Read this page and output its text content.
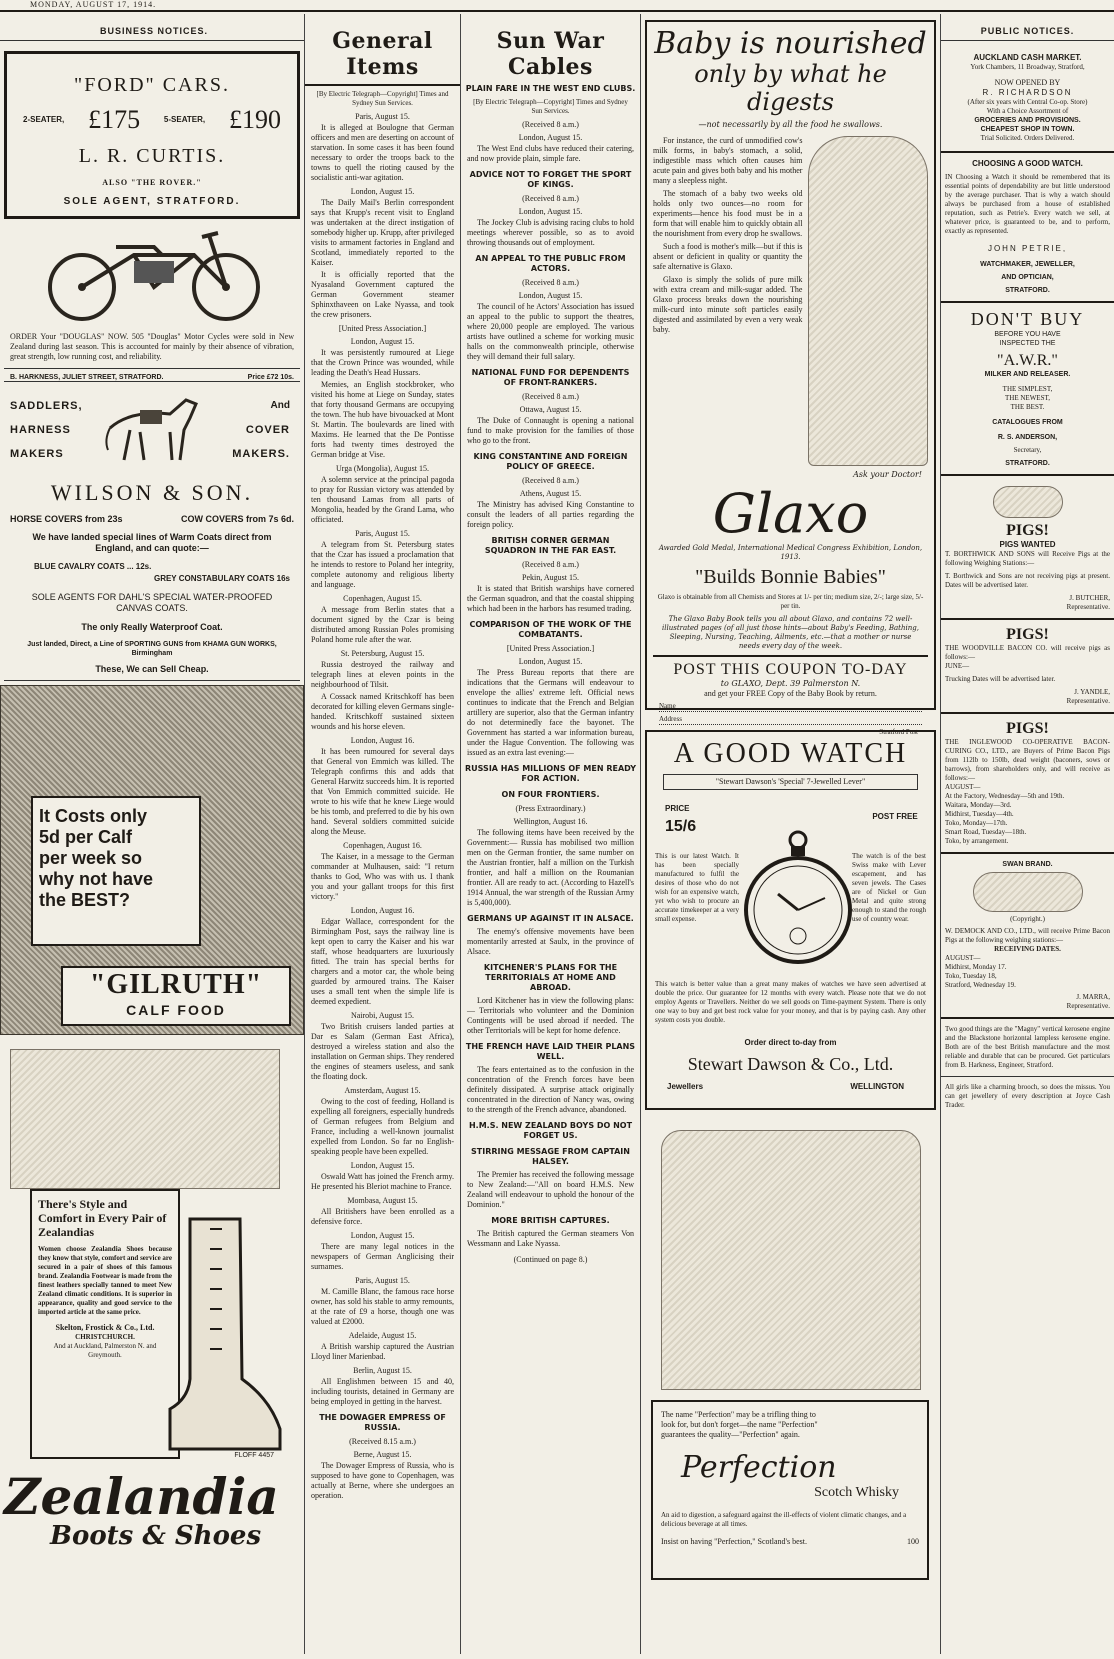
MONDAY, AUGUST 17, 1914.
BUSINESS NOTICES.
"FORD" CARS.
2-SEATER, £175	5-SEATER, £190
L. R. CURTIS.
ALSO "THE ROVER."
SOLE AGENT, STRATFORD.
ORDER Your "DOUGLAS" NOW. 505 "Douglas" Motor Cycles were sold in New Zealand during last season. This is accounted for mainly by their absence of vibration, great strength, low running cost, and reliability.
B. HARKNESS, JULIET STREET, STRATFORD.	Price £72 10s.
SADDLERS,
HARNESS
MAKERS
And
COVER
MAKERS.
WILSON & SON.
HORSE COVERS from 23s	COW COVERS from 7s 6d.
We have landed special lines of Warm Coats direct from England, and can quote:—
BLUE CAVALRY COATS ... 12s.
GREY CONSTABULARY COATS 16s
SOLE AGENTS FOR DAHL'S SPECIAL WATER-PROOFED CANVAS COATS.
The only Really Waterproof Coat.
Just landed, Direct, a Line of SPORTING GUNS from KHAMA GUN WORKS, Birmingham
These, We can Sell Cheap.
It Costs only
5d per Calf
per week so
why not have
the BEST?
"GILRUTH"
CALF FOOD
There's Style and Comfort in Every Pair of Zealandias
Women choose Zealandia Shoes because they know that style, comfort and service are secured in a pair of shoes of this famous brand. Zealandia Footwear is made from the finest leathers specially tanned to meet New Zealand climatic conditions. It is superior in appearance, quality and good service to the imported article at the same price.
Skelton, Frostick & Co., Ltd.
CHRISTCHURCH.
And at Auckland, Palmerston N. and Greymouth.
FLOFF 4457
Zealandia
Boots & Shoes
General Items
[By Electric Telegraph—Copyright] Times and Sydney Sun Services.
Paris, August 15.
It is alleged at Boulogne that German officers and men are deserting on account of starvation. In some cases it has been found necessary to order the troops back to the towns to quell the rioting caused by the socialistic anti-war agitation.
London, August 15.
The Daily Mail's Berlin correspondent says that Krupp's recent visit to England was undertaken at the direct instigation of somebody higher up. Krupp, after privileged visits to armament factories in England and Scotland, immediately reported to the Kaiser.
It is officially reported that the Nyasaland Government captured the German Government steamer Sphinxthaveen on Lake Nyassa, and took the crew prisoners.
[United Press Association.]
London, August 15.
It was persistently rumoured at Liege that the Crown Prince was wounded, while leading the Death's Head Hussars.
Memies, an English stockbroker, who visited his home at Liege on Sunday, states that forty thousand Germans are occupying the town. The hub have bivouacked at Mont St. Martin. The boulevards are lined with Maxims. He learned that the De Pontisse forts had twenty times destroyed the German bridge at Vise.
Urga (Mongolia), August 15.
A solemn service at the principal pagoda to pray for Russian victory was attended by ten thousand Lamas from all parts of Mongolia, headed by the Grand Lama, who officiated.
Paris, August 15.
A telegram from St. Petersburg states that the Czar has issued a proclamation that he intends to restore to Poland her integrity, complete autonomy and religious liberty and language.
Copenhagen, August 15.
A message from Berlin states that a document signed by the Czar is being distributed among Russian Poles promising Poland home rule after the war.
St. Petersburg, August 15.
Russia destroyed the railway and telegraph lines at eleven points in the neighbourhood of Tilsit.
A Cossack named Kritschkoff has been decorated for killing eleven Germans single-handed. Kritschkoff sustained sixteen wounds and his horse eleven.
London, August 16.
It has been rumoured for several days that General von Emmich was killed. The Telegraph confirms this and adds that General Harwitz succeeds him. It is reported that Von Emmich committed suicide. He wrote to his wife that he knew Liege would be his tomb, and preferred to die by his own hand. Several soldiers committed suicide along the Meuse.
Copenhagen, August 16.
The Kaiser, in a message to the German commander at Mulhausen, said: "I return thanks to God, Who was with us. I thank you and your gallant troops for this first victory."
London, August 16.
Edgar Wallace, correspondent for the Birmingham Post, says the railway line is kept open to carry the Kaiser and his war staff, whose headquarters are luxuriously fitted. The train has special berths for chargers and a motor car, the whole being guarded by armoured trains. The Kaiser uses a small tent when the simple life is deemed expedient.
Nairobi, August 15.
Two British cruisers landed parties at Dar es Salam (German East Africa), destroyed a wireless station and also the installation on German ships. They rendered the engines of steamers useless, and sank the floating dock.
Amsterdam, August 15.
Owing to the cost of feeding, Holland is expelling all foreigners, especially hundreds of German refugees from Belgium and France, including a well-known journalist expelled from London. So far no English-speaking people have been expelled.
London, August 15.
Oswald Watt has joined the French army. He presented his Bleriot machine to France.
Mombasa, August 15.
All Britishers have been enrolled as a defensive force.
London, August 15.
There are many legal notices in the newspapers of German Anglicising their surnames.
Paris, August 15.
M. Camille Blanc, the famous race horse owner, has sold his stable to army remounts, at the rate of £9 a horse, though one was valued at £2000.
Adelaide, August 15.
A British warship captured the Austrian Lloyd liner Marienbad.
Berlin, August 15.
All Englishmen between 15 and 40, including tourists, detained in Germany are being employed in getting in the harvest.
THE DOWAGER EMPRESS OF RUSSIA.
(Received 8.15 a.m.)
Berne, August 15.
The Dowager Empress of Russia, who is supposed to have gone to Copenhagen, was actually at Berne, where she undergoes an operation.
Sun War Cables
PLAIN FARE IN THE WEST END CLUBS.
[By Electric Telegraph—Copyright] Times and Sydney Sun Services.
(Received 8 a.m.)
London, August 15.
The West End clubs have reduced their catering, and now provide plain, simple fare.
ADVICE NOT TO FORGET THE SPORT OF KINGS.
(Received 8 a.m.)
London, August 15.
The Jockey Club is advising racing clubs to hold meetings wherever possible, so as to avoid throwing thousands out of employment.
AN APPEAL TO THE PUBLIC FROM ACTORS.
(Received 8 a.m.)
London, August 15.
The council of he Actors' Association has issued an appeal to the public to support the theatres, where 20,000 people are employed. The various artists have outlined a scheme for working music halls on the commonwealth principle, otherwise they will demand their full salary.
NATIONAL FUND FOR DEPENDENTS OF FRONT-RANKERS.
(Received 8 a.m.)
Ottawa, August 15.
The Duke of Connaught is opening a national fund to make provision for the families of those who go to the front.
KING CONSTANTINE AND FOREIGN POLICY OF GREECE.
(Received 8 a.m.)
Athens, August 15.
The Ministry has advised King Constantine to consult the leaders of all parties regarding the foreign policy.
BRITISH CORNER GERMAN SQUADRON IN THE FAR EAST.
(Received 8 a.m.)
Pekin, August 15.
It is stated that British warships have cornered the German squadron, and that the coastal shipping which had been in the harbors has resumed trading.
COMPARISON OF THE WORK OF THE COMBATANTS.
[United Press Association.]
London, August 15.
The Press Bureau reports that there are indications that the Germans will endeavour to envelope the allies' extreme left. Official news continues to indicate that the French and Belgian artillery are superior, also that the German infantry do not determinedly face the bayonet. The Government has started a war information bureau, under the Hague Convention. The following was issued as an extra last evening:—
RUSSIA HAS MILLIONS OF MEN READY FOR ACTION.
ON FOUR FRONTIERS.
(Press Extraordinary.)
Wellington, August 16.
The following items have been received by the Government:— Russia has mobilised two million men on the German frontier, the same number on the Austrian frontier, half a million on the Turkish frontier, and half a million on the Roumanian frontier. All are ready to act. (According to Hazell's 1914 Annual, the war strength of the Russian Army is 5,400,000).
GERMANS UP AGAINST IT IN ALSACE.
The enemy's offensive movements have been momentarily arrested at Saulx, in the province of Alsace.
KITCHENER'S PLANS FOR THE TERRITORIALS AT HOME AND ABROAD.
Lord Kitchener has in view the following plans:— Territorials who volunteer and the Dominion Contingents will be used abroad if needed. The other Territorials will be kept for home defence.
THE FRENCH HAVE LAID THEIR PLANS WELL.
The fears entertained as to the confusion in the concentration of the French forces have been definitely dissipated. A surprise attack originally concentrated in the direction of Nancy was, owing to the strength of the French advance, abandoned.
H.M.S. NEW ZEALAND BOYS DO NOT FORGET US.
STIRRING MESSAGE FROM CAPTAIN HALSEY.
The Premier has received the following message to New Zealand:—"All on board H.M.S. New Zealand will endeavour to uphold the honour of the Dominion."
MORE BRITISH CAPTURES.
The British captured the German steamers Von Wessmann and Lake Nyassa.
(Continued on page 8.)
Baby is nourished
only by what he digests
—not necessarily by all the food he swallows.
For instance, the curd of unmodified cow's milk forms, in baby's stomach, a solid, indigestible mass which often causes him acute pain and gives both baby and his mother many a sleepless night.
The stomach of a baby two weeks old holds only two ounces—no room for experiments—hence his food must be in a form that will enable him to quickly obtain all the nourishment from every drop he swallows.
Such a food is mother's milk—but if this is absent or deficient in quality or quantity the safe alternative is Glaxo.
Glaxo is simply the solids of pure milk with extra cream and milk-sugar added. The Glaxo process breaks down the nourishing milk-curd into minute soft particles easily digested and assimilated by even a very weak baby.
Ask your Doctor!
Glaxo
Awarded Gold Medal, International Medical Congress Exhibition, London, 1913.
"Builds Bonnie Babies"
Glaxo is obtainable from all Chemists and Stores at 1/- per tin; medium size, 2/-; large size, 5/- per tin.
The Glaxo Baby Book tells you all about Glaxo, and contains 72 well-illustrated pages (of all just those hints—about Baby's Feeding, Bathing, Sleeping, Nursing, Teaching, Ailments, etc.—that a mother or nurse needs every day of the week.
POST THIS COUPON TO-DAY
to GLAXO, Dept. 39 Palmerston N.
and get your FREE Copy of the Baby Book by return.
Name
Address
Stratford Post
A GOOD WATCH
"Stewart Dawson's 'Special' 7-Jewelled Lever"
PRICE
15/6
POST FREE
This is our latest Watch. It has been specially manufactured to fulfil the desires of those who do not wish for an expensive watch, yet who wish to procure an accurate timekeeper at a very small expense.
The watch is of the best Swiss make with Lever escapement, and has seven jewels. The Cases are of Nickel or Gun Metal and quite strong enough to stand the rough use of country wear.
This watch is better value than a great many makes of watches we have seen advertised at double the price. Our guarantee for 12 months with every watch. Please note that we do not employ Agents or Travellers. Neither do we sell goods on Time-payment System. There is only one way to buy and get best rock value for your money, and that is by paying cash. Any other system costs you double.
Order direct to-day from
Stewart Dawson & Co., Ltd.
Jewellers	WELLINGTON
The name "Perfection" may be a trifling thing to
look for, but don't forget—the name "Perfection"
guarantees the quality—"Perfection" again.
Perfection
Scotch Whisky
An aid to digestion, a safeguard against the ill-effects of violent climatic changes, and a delicious beverage at all times.
Insist on having "Perfection," Scotland's best.	100
PUBLIC NOTICES.
AUCKLAND CASH MARKET.
York Chambers, 11 Broadway, Stratford,
NOW OPENED BY
R. RICHARDSON
(After six years with Central Co-op. Store)
With a Choice Assortment of
GROCERIES AND PROVISIONS.
CHEAPEST SHOP IN TOWN.
Trial Solicited. Orders Delivered.
CHOOSING A GOOD WATCH.
IN Choosing a Watch it should be remembered that its essential points of dependability are but little understood by the average purchaser. That is why a watch should always be purchased from a house of established reputation, such as Petrie's. Every watch we sell, at whatever price, is guaranteed to be, and to perform, exactly as represented.
JOHN PETRIE,
WATCHMAKER, JEWELLER,
AND OPTICIAN,
STRATFORD.
DON'T BUY
BEFORE YOU HAVE
INSPECTED THE
"A.W.R."
MILKER AND RELEASER.
THE SIMPLEST,
THE NEWEST,
THE BEST.
CATALOGUES FROM
R. S. ANDERSON,
Secretary,
STRATFORD.
PIGS!
PIGS WANTED
T. BORTHWICK AND SONS will Receive Pigs at the following Weighing Stations:—
T. Borthwick and Sons are not receiving pigs at present. Dates will be advertised later.
J. BUTCHER,
Representative.
PIGS!
THE WOODVILLE BACON CO. will receive pigs as follows:—
JUNE—
Trucking Dates will be advertised later.
J. YANDLE,
Representative.
PIGS!
THE INGLEWOOD CO-OPERATIVE BACON-CURING CO., LTD., are Buyers of Prime Bacon Pigs from 112lb to 150lb, dead weight (baconers, sows or barrows), from shareholders only, and will receive as follows:—
AUGUST—
At the Factory, Wednesday—5th and 19th.
Waitara, Monday—3rd.
Midhirst, Tuesday—4th.
Toko, Monday—17th.
Smart Road, Tuesday—18th.
Toko, by arrangement.
SWAN BRAND.
(Copyright.)
W. DEMOCK AND CO., LTD., will receive Prime Bacon Pigs at the following weighing stations:—
RECEIVING DATES.
AUGUST—
Midhirst, Monday 17.
Toko, Tuesday 18,
Stratford, Wednesday 19.
J. MARRA,
Representative.
Two good things are the "Magny" vertical kerosene engine and the Blackstone horizontal lampless kerosene engine. Both are of the best British manufacture and the most reliable and durable that can be procured. Get particulars from B. Harkness, Engineer, Stratford.
All girls like a charming brooch, so does the missus. You can get jewellery of every description at Joyce Cash Trader.
